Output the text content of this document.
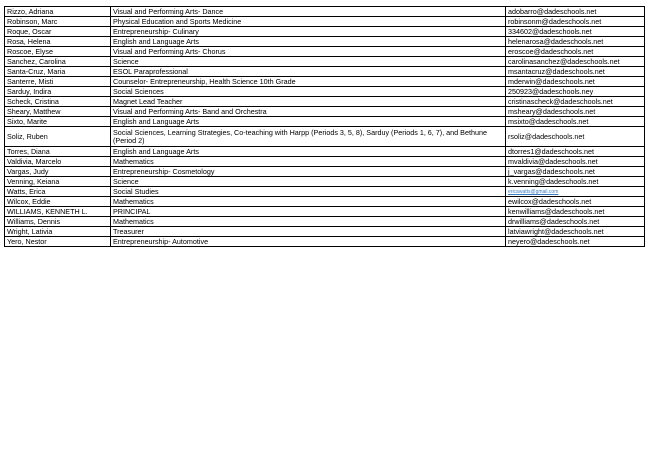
Rizzo, Adriana	Visual and Performing Arts- Dance	adobarro@dadeschools.net
Robinson, Marc	Physical Education and Sports Medicine	robinsonm@dadeschools.net
Roque, Oscar	Entrepreneurship- Culinary	334602@dadeschools.net
Rosa, Helena	English and Language Arts	helenarosa@dadeschools.net
Roscoe, Elyse	Visual and Performing Arts- Chorus	eroscoe@dadeschools.net
Sanchez, Carolina	Science	carolinasanchez@dadeschools.net
Santa-Cruz, Maria	ESOL Paraprofessional	msantacruz@dadeschools.net
Santerre, Misti	Counselor- Entrepreneurship, Health Science 10th Grade	mderwin@dadeschools.net
Sarduy, Indira	Social Sciences	250923@dadeschools.ney
Scheck, Cristina	Magnet Lead Teacher	cristinascheck@dadeschools.net
Sheary, Matthew	Visual and Performing Arts- Band and Orchestra	msheary@dadeschools.net
Sixto, Marite	English and Language Arts	msixto@dadeschools.net
Soliz, Ruben	Social Sciences, Learning Strategies, Co-teaching with Harpp (Periods 3, 5, 8), Sarduy (Periods 1, 6, 7), and Bethune (Period 2)	rsoliz@dadeschools.net
Torres, Diana	English and Language Arts	dtorres1@dadeschools.net
Valdivia, Marcelo	Mathematics	mvaldivia@dadeschools.net
Vargas, Judy	Entrepreneurship- Cosmetology	j_vargas@dadeschools.net
Venning, Keiana	Science	k.venning@dadeschools.net
Watts, Erica	Social Studies	ericawatts@gmail.com
Wilcox, Eddie	Mathematics	ewilcox@dadeschools.net
WILLIAMS, KENNETH L.	PRINCIPAL	kenwilliams@dadeschools.net
Williams, Dennis	Mathematics	drwilliams@dadeschools.net
Wright, Lativia	Treasurer	latviawright@dadeschools.net
Yero, Nestor	Entrepreneurship- Automotive	neyero@dadeschools.net
